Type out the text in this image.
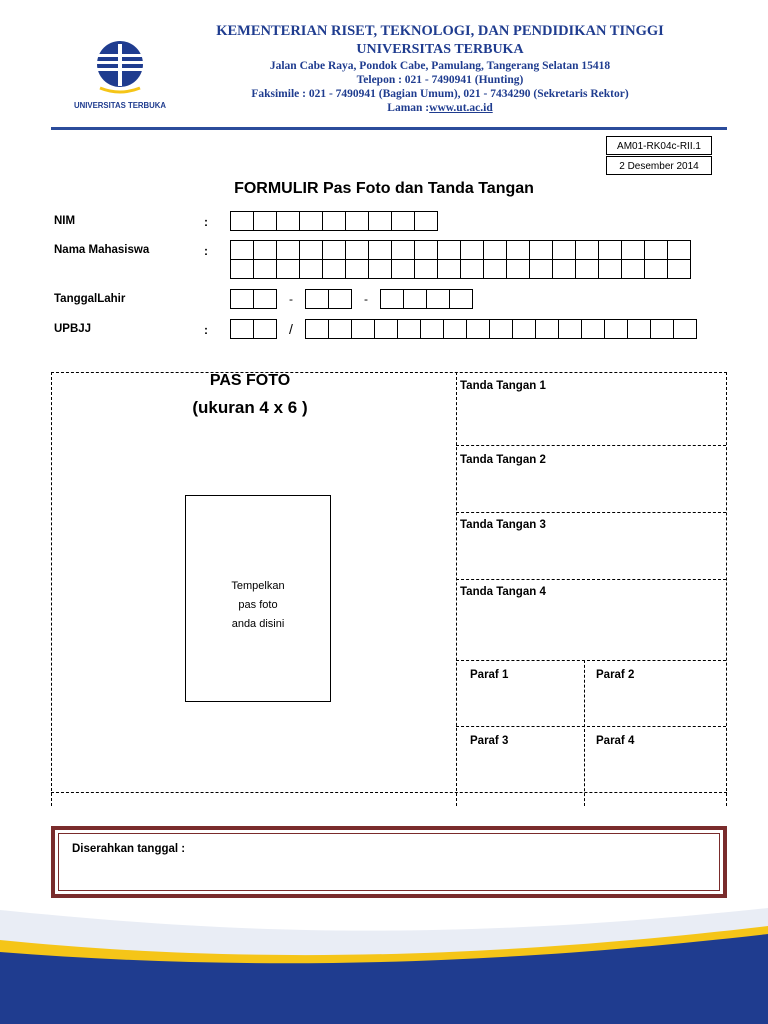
UNIVERSITAS TERBUKA
KEMENTERIAN RISET, TEKNOLOGI, DAN PENDIDIKAN TINGGI
UNIVERSITAS TERBUKA
Jalan Cabe Raya, Pondok Cabe, Pamulang, Tangerang Selatan 15418
Telepon : 021 - 7490941 (Hunting)
Faksimile : 021 - 7490941 (Bagian Umum), 021 - 7434290 (Sekretaris Rektor)
Laman :www.ut.ac.id
AM01-RK04c-RII.1
2 Desember 2014
FORMULIR Pas Foto dan Tanda Tangan
NIM	:
Nama Mahasiswa	:
TanggalLahir	-	-
UPBJJ	:	/
PAS FOTO
(ukuran 4 x 6 )
Tempelkan
pas foto
anda disini
Tanda Tangan 1
Tanda Tangan 2
Tanda Tangan 3
Tanda Tangan 4
Paraf 1	Paraf 2
Paraf 3	Paraf 4
Diserahkan tanggal :
